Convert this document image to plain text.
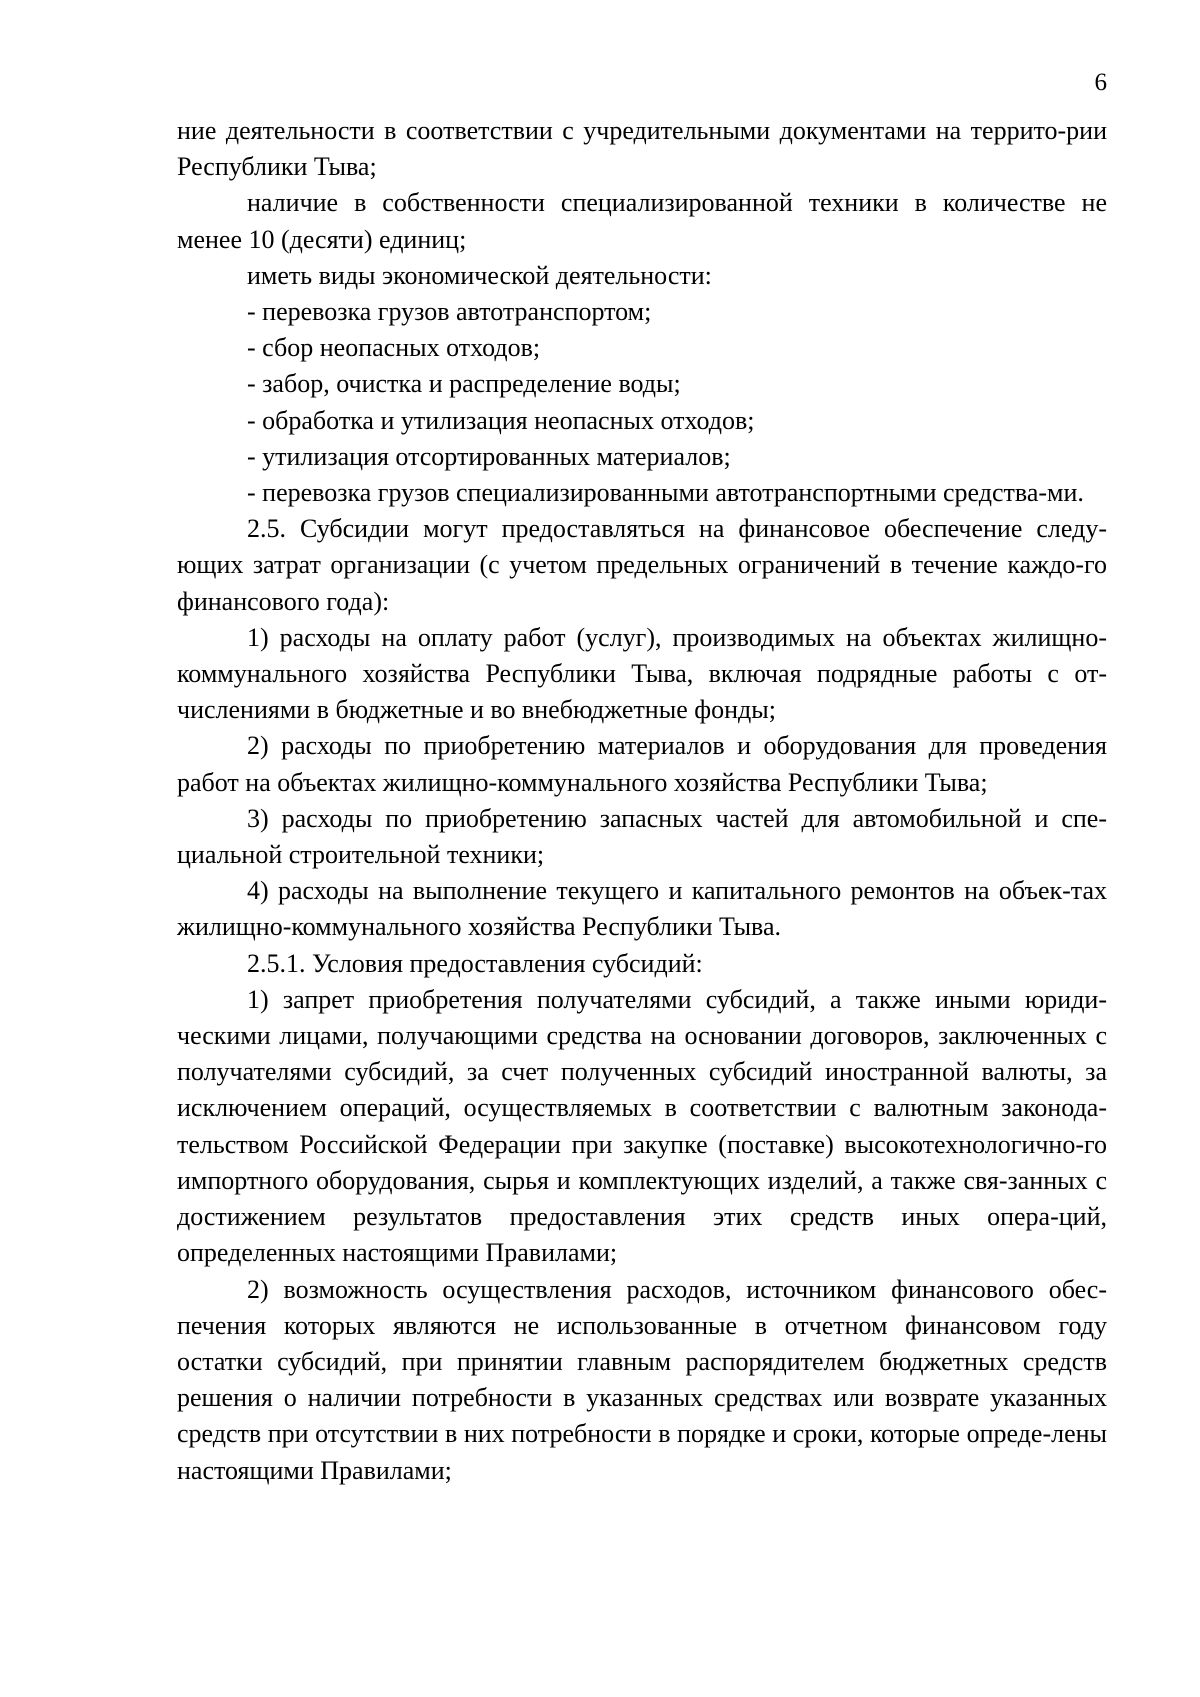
6

ние деятельности в соответствии с учредительными документами на террито-рии Республики Тыва;

наличие в собственности специализированной техники в количестве не менее 10 (десяти) единиц;

иметь виды экономической деятельности:

- перевозка грузов автотранспортом;

- сбор неопасных отходов;

- забор, очистка и распределение воды;

- обработка и утилизация неопасных отходов;

- утилизация отсортированных материалов;

- перевозка грузов специализированными автотранспортными средства-ми.

2.5. Субсидии могут предоставляться на финансовое обеспечение следу-ющих затрат организации (с учетом предельных ограничений в течение каждо-го финансового года):

1) расходы на оплату работ (услуг), производимых на объектах жилищно-коммунального хозяйства Республики Тыва, включая подрядные работы с от-числениями в бюджетные и во внебюджетные фонды;

2) расходы по приобретению материалов и оборудования для проведения работ на объектах жилищно-коммунального хозяйства Республики Тыва;

3) расходы по приобретению запасных частей для автомобильной и спе-циальной строительной техники;

4) расходы на выполнение текущего и капитального ремонтов на объек-тах жилищно-коммунального хозяйства Республики Тыва.

2.5.1. Условия предоставления субсидий:

1) запрет приобретения получателями субсидий, а также иными юриди-ческими лицами, получающими средства на основании договоров, заключенных с получателями субсидий, за счет полученных субсидий иностранной валюты, за исключением операций, осуществляемых в соответствии с валютным законода-тельством Российской Федерации при закупке (поставке) высокотехнологично-го импортного оборудования, сырья и комплектующих изделий, а также свя-занных с достижением результатов предоставления этих средств иных опера-ций, определенных настоящими Правилами;

2) возможность осуществления расходов, источником финансового обес-печения которых являются не использованные в отчетном финансовом году остатки субсидий, при принятии главным распорядителем бюджетных средств решения о наличии потребности в указанных средствах или возврате указанных средств при отсутствии в них потребности в порядке и сроки, которые опреде-лены настоящими Правилами;
